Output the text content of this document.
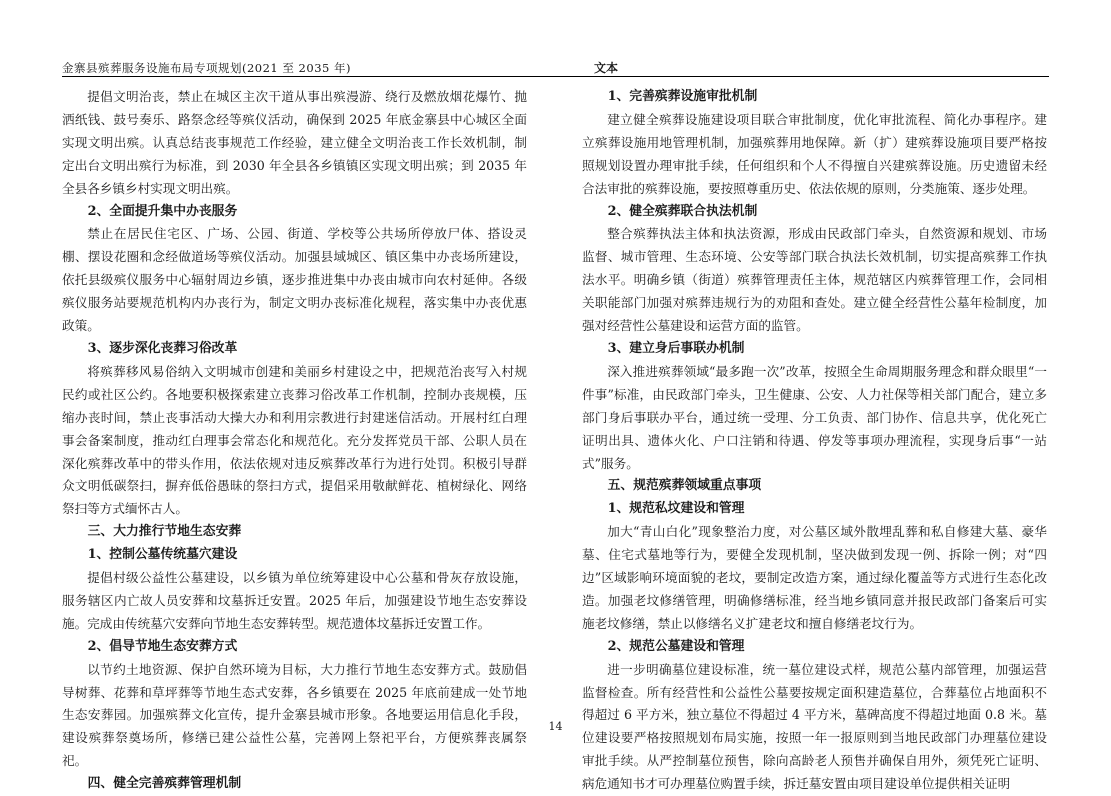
金寨县殡葬服务设施布局专项规划(2021 至 2035 年)	文本

提倡文明治丧，禁止在城区主次干道从事出殡漫游、绕行及燃放烟花爆竹、抛洒纸钱、鼓号奏乐、路祭念经等殡仪活动，确保到 2025 年底金寨县中心城区全面实现文明出殡。认真总结丧事规范工作经验，建立健全文明治丧工作长效机制，制定出台文明出殡行为标准，到 2030 年全县各乡镇镇区实现文明出殡；到 2035 年全县各乡镇乡村实现文明出殡。

2、全面提升集中办丧服务

禁止在居民住宅区、广场、公园、街道、学校等公共场所停放尸体、搭设灵棚、摆设花圈和念经做道场等殡仪活动。加强县域城区、镇区集中办丧场所建设，依托县级殡仪服务中心辐射周边乡镇，逐步推进集中办丧由城市向农村延伸。各级殡仪服务站要规范机构内办丧行为，制定文明办丧标准化规程，落实集中办丧优惠政策。

3、逐步深化丧葬习俗改革

将殡葬移风易俗纳入文明城市创建和美丽乡村建设之中，把规范治丧写入村规民约或社区公约。各地要积极探索建立丧葬习俗改革工作机制，控制办丧规模，压缩办丧时间，禁止丧事活动大操大办和利用宗教进行封建迷信活动。开展村红白理事会备案制度，推动红白理事会常态化和规范化。充分发挥党员干部、公职人员在深化殡葬改革中的带头作用，依法依规对违反殡葬改革行为进行处罚。积极引导群众文明低碳祭扫，摒弃低俗愚昧的祭扫方式，提倡采用敬献鲜花、植树绿化、网络祭扫等方式缅怀古人。

三、大力推行节地生态安葬

1、控制公墓传统墓穴建设

提倡村级公益性公墓建设，以乡镇为单位统筹建设中心公墓和骨灰存放设施，服务辖区内亡故人员安葬和坟墓拆迁安置。2025 年后，加强建设节地生态安葬设施。完成由传统墓穴安葬向节地生态安葬转型。规范遗体坟墓拆迁安置工作。

2、倡导节地生态安葬方式

以节约土地资源、保护自然环境为目标，大力推行节地生态安葬方式。鼓励倡导树葬、花葬和草坪葬等节地生态式安葬，各乡镇要在 2025 年底前建成一处节地生态安葬园。加强殡葬文化宣传，提升金寨县城市形象。各地要运用信息化手段，建设殡葬祭奠场所，修缮已建公益性公墓，完善网上祭祀平台，方便殡葬丧属祭祀。

四、健全完善殡葬管理机制

1、完善殡葬设施审批机制

建立健全殡葬设施建设项目联合审批制度，优化审批流程、简化办事程序。建立殡葬设施用地管理机制，加强殡葬用地保障。新（扩）建殡葬设施项目要严格按照规划设置办理审批手续，任何组织和个人不得擅自兴建殡葬设施。历史遗留未经合法审批的殡葬设施，要按照尊重历史、依法依规的原则，分类施策、逐步处理。

2、健全殡葬联合执法机制

整合殡葬执法主体和执法资源，形成由民政部门牵头，自然资源和规划、市场监督、城市管理、生态环境、公安等部门联合执法长效机制，切实提高殡葬工作执法水平。明确乡镇（街道）殡葬管理责任主体，规范辖区内殡葬管理工作，会同相关职能部门加强对殡葬违规行为的劝阻和查处。建立健全经营性公墓年检制度，加强对经营性公墓建设和运营方面的监管。

3、建立身后事联办机制

深入推进殡葬领域“最多跑一次”改革，按照全生命周期服务理念和群众眼里“一件事”标准，由民政部门牵头，卫生健康、公安、人力社保等相关部门配合，建立多部门身后事联办平台，通过统一受理、分工负责、部门协作、信息共享，优化死亡证明出具、遗体火化、户口注销和待遇、停发等事项办理流程，实现身后事“一站式”服务。

五、规范殡葬领域重点事项

1、规范私坟建设和管理

加大“青山白化”现象整治力度，对公墓区域外散埋乱葬和私自修建大墓、豪华墓、住宅式墓地等行为，要健全发现机制，坚决做到发现一例、拆除一例；对“四边”区域影响环境面貌的老坟，要制定改造方案，通过绿化覆盖等方式进行生态化改造。加强老坟修缮管理，明确修缮标准，经当地乡镇同意并报民政部门备案后可实施老坟修缮，禁止以修缮名义扩建老坟和擅自修缮老坟行为。

2、规范公墓建设和管理

进一步明确墓位建设标准，统一墓位建设式样，规范公墓内部管理，加强运营监督检查。所有经营性和公益性公墓要按规定面积建造墓位，合葬墓位占地面积不得超过 6 平方米，独立墓位不得超过 4 平方米，墓碑高度不得超过地面 0.8 米。墓位建设要严格按照规划布局实施，按照一年一报原则到当地民政部门办理墓位建设审批手续。从严控制墓位预售，除向高龄老人预售并确保自用外，须凭死亡证明、病危通知书才可办理墓位购置手续，拆迁墓安置由项目建设单位提供相关证明

14
